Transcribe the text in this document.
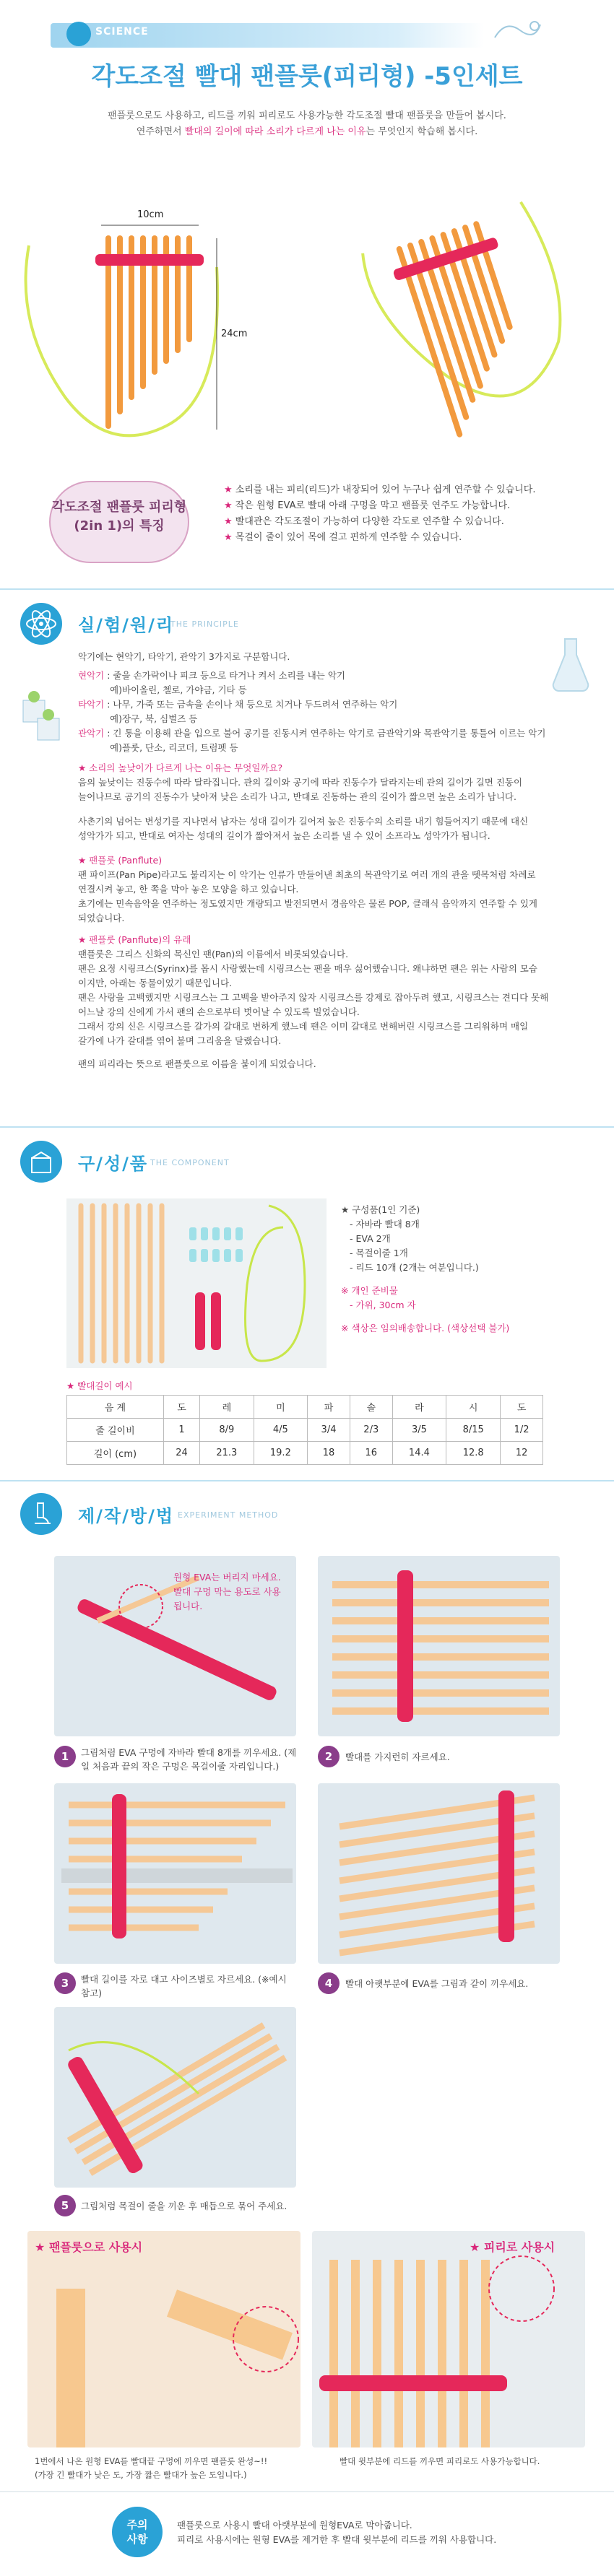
SCIENCE
각도조절 빨대 팬플룻(피리형) -5인세트
팬플룻으로도 사용하고, 리드를 끼워 피리로도 사용가능한 각도조절 빨대 팬플룻을 만들어 봅시다.
연주하면서 빨대의 길이에 따라 소리가 다르게 나는 이유는 무엇인지 학습해 봅시다.
10cm
24cm
각도조절 팬플룻 피리형
(2in 1)의 특징
★ 소리를 내는 피리(리드)가 내장되어 있어 누구나 쉽게 연주할 수 있습니다.
★ 작은 원형 EVA로 빨대 아래 구멍을 막고 팬플룻 연주도 가능합니다.
★ 빨대관은 각도조절이 가능하여 다양한 각도로 연주할 수 있습니다.
★ 목걸이 줄이 있어 목에 걸고 편하게 연주할 수 있습니다.
실/험/원/리
THE PRINCIPLE
악기에는 현악기, 타악기, 관악기 3가지로 구분합니다.
현악기 : 줄을 손가락이나 피크 등으로 타거나 켜서 소리를 내는 악기
예)바이올린, 첼로, 가야금, 기타 등
타악기 : 나무, 가죽 또는 금속을 손이나 채 등으로 치거나 두드려서 연주하는 악기
예)장구, 북, 심벌즈 등
관악기 : 긴 통을 이용해 관을 입으로 불어 공기를 진동시켜 연주하는 악기로 금관악기와 목관악기를 통틀어 이르는 악기
예)플룻, 단소, 리코더, 트럼펫 등
★ 소리의 높낮이가 다르게 나는 이유는 무엇일까요?
음의 높낮이는 진동수에 따라 달라집니다. 관의 길이와 공기에 따라 진동수가 달라지는데 관의 길이가 길면 진동이
늘어나므로 공기의 진동수가 낮아져 낮은 소리가 나고, 반대로 진동하는 관의 길이가 짧으면 높은 소리가 납니다.
사촌기의 넘어는 변성기를 지나면서 남자는 성대 길이가 길어져 높은 진동수의 소리를 내기 힘들어지기 때문에 대신
성악가가 되고, 반대로 여자는 성대의 길이가 짧아져서 높은 소리를 낼 수 있어 소프라노 성악가가 됩니다.
★ 팬플룻 (Panflute)
팬 파이프(Pan Pipe)라고도 불리지는 이 악기는 인류가 만들어낸 최초의 목관악기로 여러 개의 관을 뗏목처럼 차례로
연결시켜 놓고, 한 쪽을 막아 놓은 모양을 하고 있습니다.
초기에는 민속음악을 연주하는 정도였지만 개량되고 발전되면서 경음악은 물론 POP, 클래식 음악까지 연주할 수 있게
되었습니다.
★ 팬플룻 (Panflute)의 유래
팬플룻은 그리스 신화의 목신인 팬(Pan)의 이름에서 비롯되었습니다.
팬은 요정 시링크스(Syrinx)를 몹시 사랑했는데 시링크스는 팬을 매우 싫어했습니다. 왜냐하면 팬은 위는 사람의 모습
이지만, 아래는 동물이었기 때문입니다.
팬은 사랑을 고백했지만 시링크스는 그 고백을 받아주지 않자 시링크스를 강제로 잡아두려 했고, 시링크스는 견디다 못해
어느날 강의 신에게 가서 팬의 손으로부터 벗어날 수 있도록 빌었습니다.
그래서 강의 신은 시링크스를 갈가의 갈대로 변하게 했느데 팬은 이미 갈대로 변해버린 시링크스를 그리워하며 매일
갈가에 나가 갈대를 엮어 불며 그리움을 달랬습니다.
팬의 피리라는 뜻으로 팬플룻으로 이름을 붙이게 되었습니다.
구/성/품 THE COMPONENT
★ 구성품(1인 기준)
- 자바라 빨대 8개
- EVA 2개
- 목걸이줄 1개
- 리드 10개 (2개는 여분입니다.)
※ 개인 준비물
- 가위, 30cm 자
※ 색상은 임의배송합니다. (색상선택 불가)
★ 빨대길이 예시
음 계	도	레	미	파	솔	라	시	도
줄 길이비	1	8/9	4/5	3/4	2/3	3/5	8/15	1/2
길이 (cm)	24	21.3	19.2	18	16	14.4	12.8	12
제/작/방/법 EXPERIMENT METHOD
원형 EVA는 버리지 마세요. 빨대 구멍 막는 용도로 사용됩니다.
1	그림처럼 EVA 구멍에 자바라 빨대 8개를 끼우세요. (제일 처음과 끝의 작은 구멍은 목걸이줄 자리입니다.)
2	빨대를 가지런히 자르세요.
3	빨대 길이를 자로 대고 사이즈별로 자르세요. (※예시 참고)
4	빨대 아랫부분에 EVA를 그림과 같이 끼우세요.
5	그림처럼 목걸이 줄을 끼운 후 매듭으로 묶어 주세요.
★ 팬플룻으로 사용시	★ 피리로 사용시
1번에서 나온 원형 EVA를 빨대끝 구멍에 끼우면 팬플룻 완성~!!
(가장 긴 빨대가 낮은 도, 가장 짧은 빨대가 높은 도입니다.)
빨대 윗부분에 리드를 끼우면 피리로도 사용가능합니다.
주의
사항
팬플룻으로 사용시 빨대 아랫부분에 원형EVA로 막아줍니다.
피리로 사용시에는 원형 EVA를 제거한 후 빨대 윗부분에 리드를 끼워 사용합니다.
